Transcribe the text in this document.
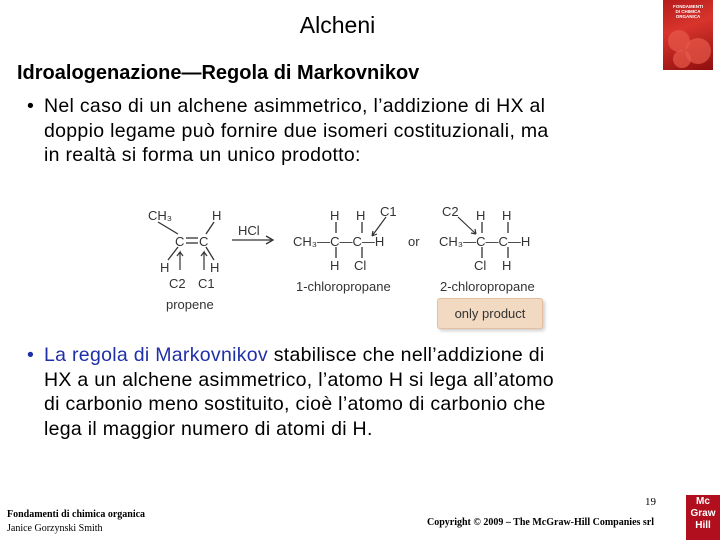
Alcheni
FONDAMENTI
DI CHIMICA
ORGANICA
Idroalogenazione—Regola di Markovnikov
• Nel caso di un alchene asimmetrico, l’addizione di HX al
doppio legame può fornire due isomeri costituzionali, ma
in realtà si forma un unico prodotto:
CH₃	H
C C
H	H
C2 C1
propene
HCl
H H C1
CH₃—C—C—H
H Cl
1-chloropropane
or
C2 H H
CH₃—C—C—H
Cl H
2-chloropropane
only product
• La regola di Markovnikov stabilisce che nell’addizione di
HX a un alchene asimmetrico, l’atomo H si lega all’atomo
di carbonio meno sostituito, cioè l’atomo di carbonio che
lega il maggior numero di atomi di H.
Fondamenti di chimica organica
Janice Gorzynski Smith
19
Copyright © 2009 – The McGraw-Hill Companies srl
Mc
Graw
Hill
